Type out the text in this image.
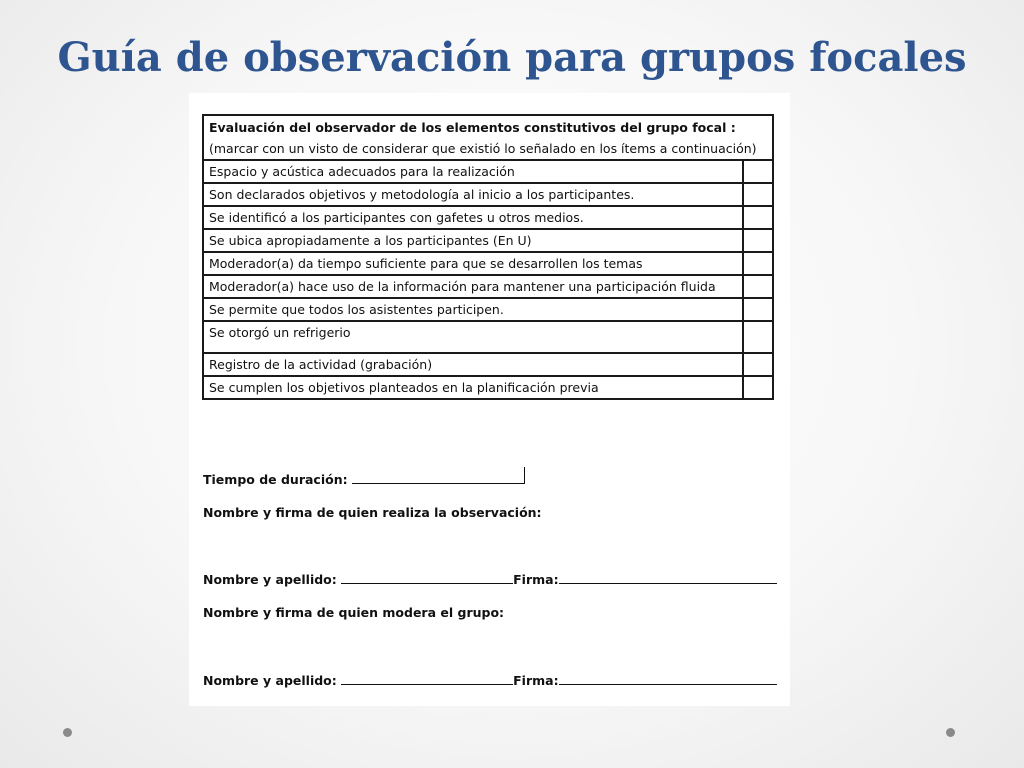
Guía de observación para grupos focales
Evaluación del observador de los elementos constitutivos del grupo focal :
(marcar con un visto de considerar que existió lo señalado en los ítems a continuación)	
Espacio y acústica adecuados para la realización	
Son declarados objetivos y metodología al inicio a los participantes.	
Se identificó a los participantes con gafetes u otros medios.	
Se ubica apropiadamente a los participantes (En U)	
Moderador(a) da tiempo suficiente para que se desarrollen los temas	
Moderador(a) hace uso de la información para mantener una participación fluida	
Se permite que todos los asistentes participen.	
Se otorgó un refrigerio	
Registro de la actividad (grabación)	
Se cumplen los objetivos planteados en la planificación previa	
Tiempo de duración:
Nombre y firma de quien realiza la observación:
Nombre y apellido:	Firma:
Nombre y firma de quien modera el grupo:
Nombre y apellido:	Firma:
